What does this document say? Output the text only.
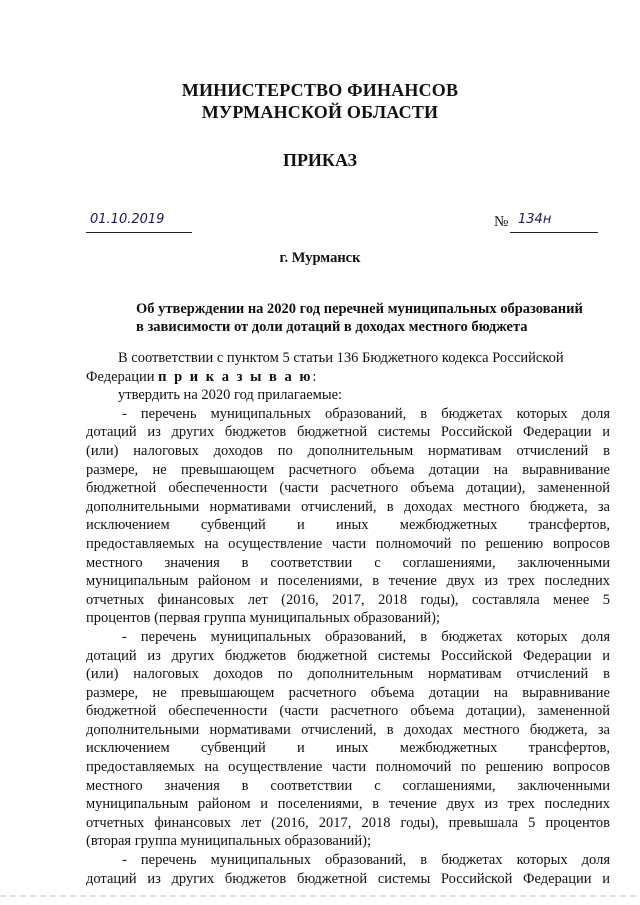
МИНИСТЕРСТВО ФИНАНСОВ
МУРМАНСКОЙ ОБЛАСТИ
ПРИКАЗ
01.10.2019	№ 134н
г. Мурманск
Об утверждении на 2020 год перечней муниципальных образований
в зависимости от доли дотаций в доходах местного бюджета
В соответствии с пунктом 5 статьи 136 Бюджетного кодекса Российской
Федерации п р и к а з ы в а ю:
утвердить на 2020 год прилагаемые:
- перечень муниципальных образований, в бюджетах которых доля
дотаций из других бюджетов бюджетной системы Российской Федерации и
(или) налоговых доходов по дополнительным нормативам отчислений в
размере, не превышающем расчетного объема дотации на выравнивание
бюджетной обеспеченности (части расчетного объема дотации), замененной
дополнительными нормативами отчислений, в доходах местного бюджета, за
исключением субвенций и иных межбюджетных трансфертов,
предоставляемых на осуществление части полномочий по решению вопросов
местного значения в соответствии с соглашениями, заключенными
муниципальным районом и поселениями, в течение двух из трех последних
отчетных финансовых лет (2016, 2017, 2018 годы), составляла менее 5
процентов (первая группа муниципальных образований);
- перечень муниципальных образований, в бюджетах которых доля
дотаций из других бюджетов бюджетной системы Российской Федерации и
(или) налоговых доходов по дополнительным нормативам отчислений в
размере, не превышающем расчетного объема дотации на выравнивание
бюджетной обеспеченности (части расчетного объема дотации), замененной
дополнительными нормативами отчислений, в доходах местного бюджета, за
исключением субвенций и иных межбюджетных трансфертов,
предоставляемых на осуществление части полномочий по решению вопросов
местного значения в соответствии с соглашениями, заключенными
муниципальным районом и поселениями, в течение двух из трех последних
отчетных финансовых лет (2016, 2017, 2018 годы), превышала 5 процентов
(вторая группа муниципальных образований);
- перечень муниципальных образований, в бюджетах которых доля
дотаций из других бюджетов бюджетной системы Российской Федерации и
